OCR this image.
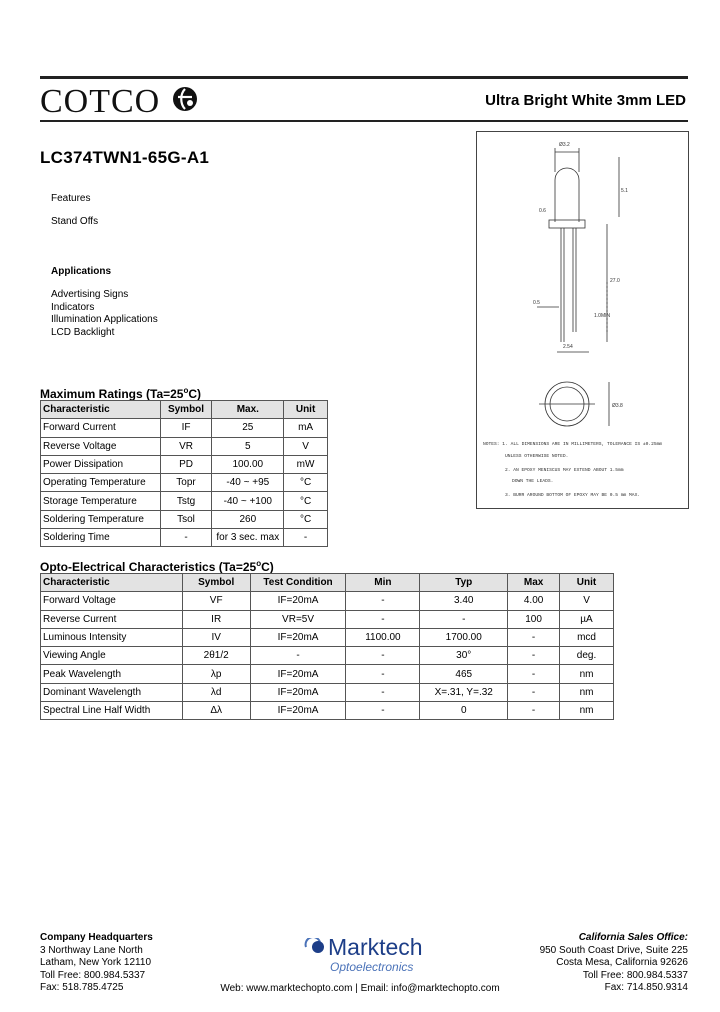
COTCO	Ultra Bright White 3mm LED
LC374TWN1-65G-A1
Features
Stand Offs
Applications
Advertising Signs
Indicators
Illumination Applications
LCD Backlight
Ø3.2
5.1
0.6
27.0
1.0MIN
0.5
2.54
Ø3.8
NOTES: 1. ALL DIMENSIONS ARE IN MILLIMETERS, TOLERANCE IS ±0.25mm
UNLESS OTHERWISE NOTED.
2. AN EPOXY MENISCUS MAY EXTEND ABOUT 1.5mm
DOWN THE LEADS.
3. BURR AROUND BOTTOM OF EPOXY MAY BE 0.5 mm MAX.
Maximum Ratings $(Ta=25^oC)$
Characteristic	Symbol	Max.	Unit
Forward Current	IF	25	mA
Reverse Voltage	VR	5	V
Power Dissipation	PD	100.00	mW
Operating Temperature	Topr	-40 ~ +95	°C
Storage Temperature	Tstg	-40 ~ +100	°C
Soldering Temperature	Tsol	260	°C
Soldering Time	-	for 3 sec. max	-
Opto-Electrical Characteristics $(Ta=25^oC)$
Characteristic	Symbol	Test Condition	Min	Typ	Max	Unit
Forward Voltage	VF	IF=20mA	-	3.40	4.00	V
Reverse Current	IR	VR=5V	-	-	100	µA
Luminous Intensity	IV	IF=20mA	1100.00	1700.00	-	mcd
Viewing Angle	2θ1/2	-	-	30°	-	deg.
Peak Wavelength	λp	IF=20mA	-	465	-	nm
Dominant Wavelength	λd	IF=20mA	-	X=.31, Y=.32	-	nm
Spectral Line Half Width	Δλ	IF=20mA	-	0	-	nm
Company Headquarters
3 Northway Lane North
Latham, New York 12110
Toll Free: 800.984.5337
Fax: 518.785.4725
Marktech
Optoelectronics
California Sales Office:
950 South Coast Drive, Suite 225
Costa Mesa, California 92626
Toll Free: 800.984.5337
Fax: 714.850.9314
Web: www.marktechopto.com | Email: info@marktechopto.com
